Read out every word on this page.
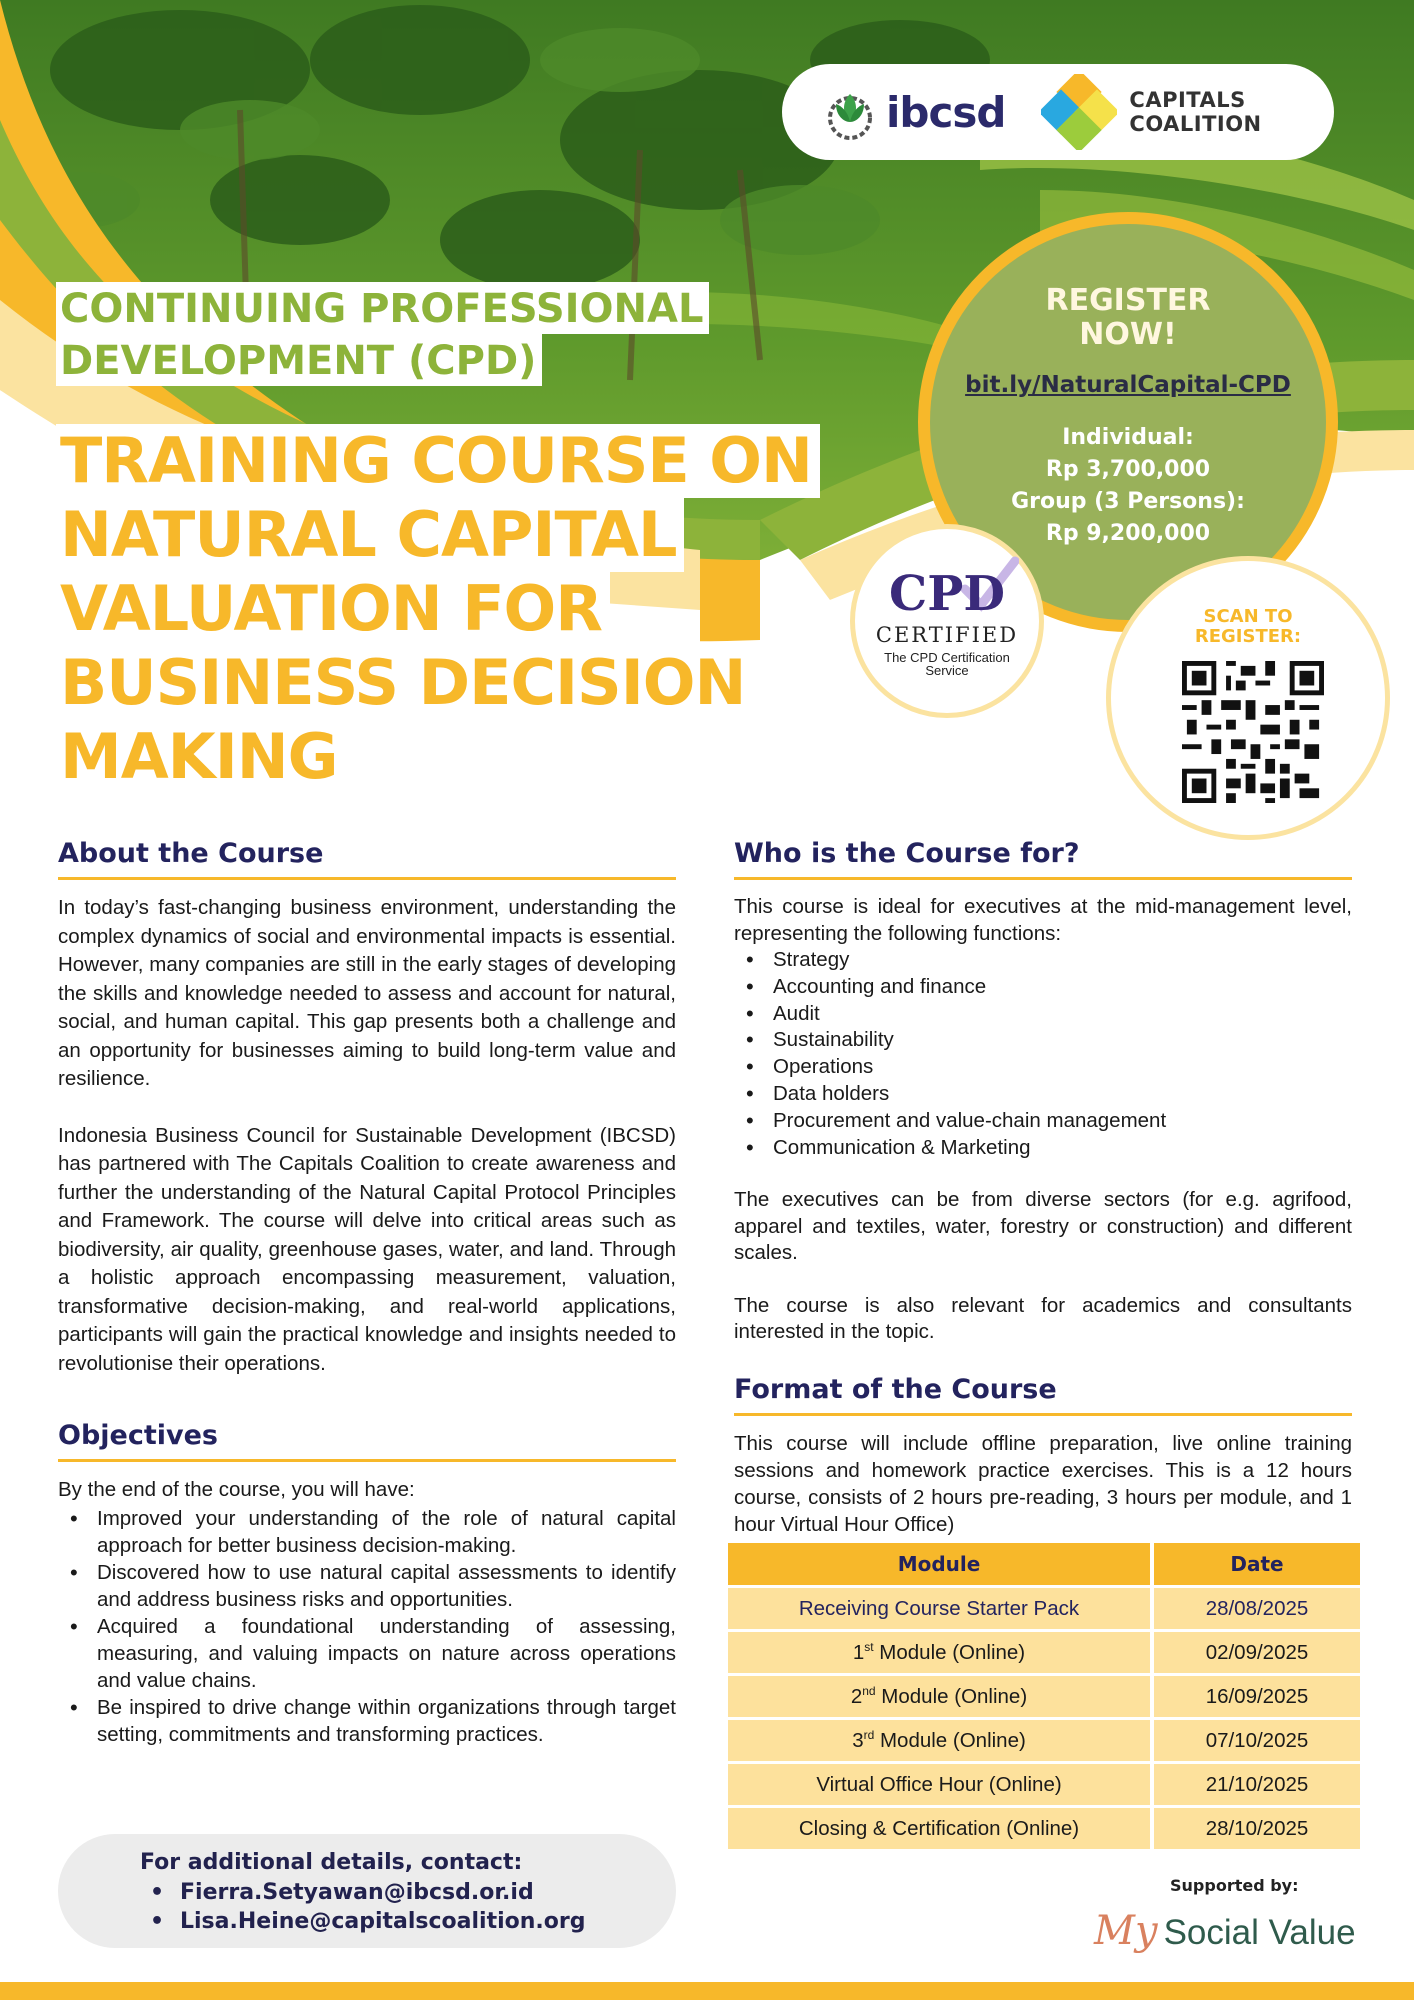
ibcsd	CAPITALS
COALITION
CONTINUING PROFESSIONAL
DEVELOPMENT (CPD)
TRAINING COURSE ON
NATURAL CAPITAL
VALUATION FOR
BUSINESS DECISION
MAKING
REGISTER
NOW!
bit.ly/NaturalCapital-CPD
Individual:
Rp 3,700,000
Group (3 Persons):
Rp 9,200,000
CPD
CERTIFIED
The CPD Certification Service
SCAN TO
REGISTER:
About the Course

In today’s fast-changing business environment, understanding the complex dynamics of social and environmental impacts is essential. However, many companies are still in the early stages of developing the skills and knowledge needed to assess and account for natural, social, and human capital. This gap presents both a challenge and an opportunity for businesses aiming to build long-term value and resilience.

Indonesia Business Council for Sustainable Development (IBCSD) has partnered with The Capitals Coalition to create awareness and further the understanding of the Natural Capital Protocol Principles and Framework. The course will delve into critical areas such as biodiversity, air quality, greenhouse gases, water, and land. Through a holistic approach encompassing measurement, valuation, transformative decision-making, and real-world applications, participants will gain the practical knowledge and insights needed to revolutionise their operations.

Objectives

By the end of the course, you will have:

• Improved your understanding of the role of natural capital approach for better business decision-making.
• Discovered how to use natural capital assessments to identify and address business risks and opportunities.
• Acquired a foundational understanding of assessing, measuring, and valuing impacts on nature across operations and value chains.
• Be inspired to drive change within organizations through target setting, commitments and transforming practices.
For additional details, contact:
• Fierra.Setyawan@ibcsd.or.id
• Lisa.Heine@capitalscoalition.org
Who is the Course for?

This course is ideal for executives at the mid-management level, representing the following functions:

• Strategy
• Accounting and finance
• Audit
• Sustainability
• Operations
• Data holders
• Procurement and value-chain management
• Communication & Marketing

The executives can be from diverse sectors (for e.g. agrifood, apparel and textiles, water, forestry or construction) and different scales.

The course is also relevant for academics and consultants interested in the topic.

Format of the Course

This course will include offline preparation, live online training sessions and homework practice exercises. This is a 12 hours course, consists of 2 hours pre-reading, 3 hours per module, and 1 hour Virtual Hour Office)

Module	Date
Receiving Course Starter Pack	28/08/2025
1st Module (Online)	02/09/2025
2nd Module (Online)	16/09/2025
3rd Module (Online)	07/10/2025
Virtual Office Hour (Online)	21/10/2025
Closing & Certification (Online)	28/10/2025
Supported by:
My Social Value
